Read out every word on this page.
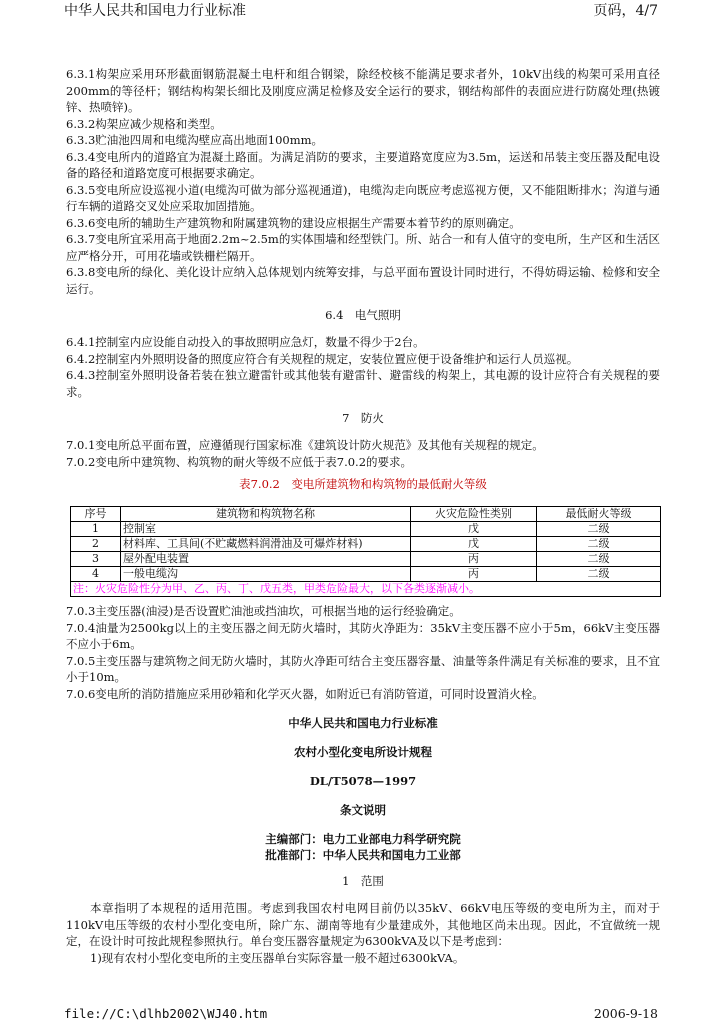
中华人民共和国电力行业标准	页码，4/7

6.3.1构架应采用环形截面钢筋混凝土电杆和组合钢梁，除经校核不能满足要求者外，10kV出线的构架可采用直径200mm的等径杆；钢结构构架长细比及刚度应满足检修及安全运行的要求，钢结构部件的表面应进行防腐处理(热镀锌、热喷锌)。

6.3.2构架应减少规格和类型。

6.3.3贮油池四周和电缆沟壁应高出地面100mm。

6.3.4变电所内的道路宜为混凝土路面。为满足消防的要求，主要道路宽度应为3.5m，运送和吊装主变压器及配电设备的路径和道路宽度可根据要求确定。

6.3.5变电所应设巡视小道(电缆沟可做为部分巡视通道)，电缆沟走向既应考虑巡视方便，又不能阻断排水；沟道与通行车辆的道路交叉处应采取加固措施。

6.3.6变电所的辅助生产建筑物和附属建筑物的建设应根据生产需要本着节约的原则确定。

6.3.7变电所宜采用高于地面2.2m~2.5m的实体围墙和经型铁门。所、站合一和有人值守的变电所，生产区和生活区应严格分开，可用花墙或铁栅栏隔开。

6.3.8变电所的绿化、美化设计应纳入总体规划内统筹安排，与总平面布置设计同时进行，不得妨碍运输、检修和安全运行。

6.4　电气照明

6.4.1控制室内应设能自动投入的事故照明应急灯，数量不得少于2台。

6.4.2控制室内外照明设备的照度应符合有关规程的规定，安装位置应便于设备维护和运行人员巡视。

6.4.3控制室外照明设备若装在独立避雷针或其他装有避雷针、避雷线的构架上，其电源的设计应符合有关规程的要求。

7　防火

7.0.1变电所总平面布置，应遵循现行国家标准《建筑设计防火规范》及其他有关规程的规定。

7.0.2变电所中建筑物、构筑物的耐火等级不应低于表7.0.2的要求。

表7.0.2　变电所建筑物和构筑物的最低耐火等级
序号	建筑物和构筑物名称	火灾危险性类别	最低耐火等级
1	控制室	戊	二级
2	材料库、工具间(不贮藏燃料润滑油及可爆炸材料)	戊	二级
3	屋外配电装置	丙	二级
4	一般电缆沟	丙	二级
注：火灾危险性分为甲、乙、丙、丁、戊五类，甲类危险最大，以下各类逐渐减小。			

7.0.3主变压器(油浸)是否设置贮油池或挡油坎，可根据当地的运行经验确定。

7.0.4油量为2500kg以上的主变压器之间无防火墙时，其防火净距为：35kV主变压器不应小于5m，66kV主变压器不应小于6m。

7.0.5主变压器与建筑物之间无防火墙时，其防火净距可结合主变压器容量、油量等条件满足有关标准的要求，且不宜小于10m。

7.0.6变电所的消防措施应采用砂箱和化学灭火器，如附近已有消防管道，可同时设置消火栓。

中华人民共和国电力行业标准
农村小型化变电所设计规程
DL/T5078—1997
条文说明
主编部门：电力工业部电力科学研究院
批准部门：中华人民共和国电力工业部
1　范围

本章指明了本规程的适用范围。考虑到我国农村电网目前仍以35kV、66kV电压等级的变电所为主，而对于110kV电压等级的农村小型化变电所，除广东、湖南等地有少量建成外，其他地区尚未出现。因此，不宜做统一规定，在设计时可按此规程参照执行。单台变压器容量规定为6300kVA及以下是考虑到：

1)现有农村小型化变电所的主变压器单台实际容量一般不超过6300kVA。

file://C:\dlhb2002\WJ40.htm	2006-9-18
